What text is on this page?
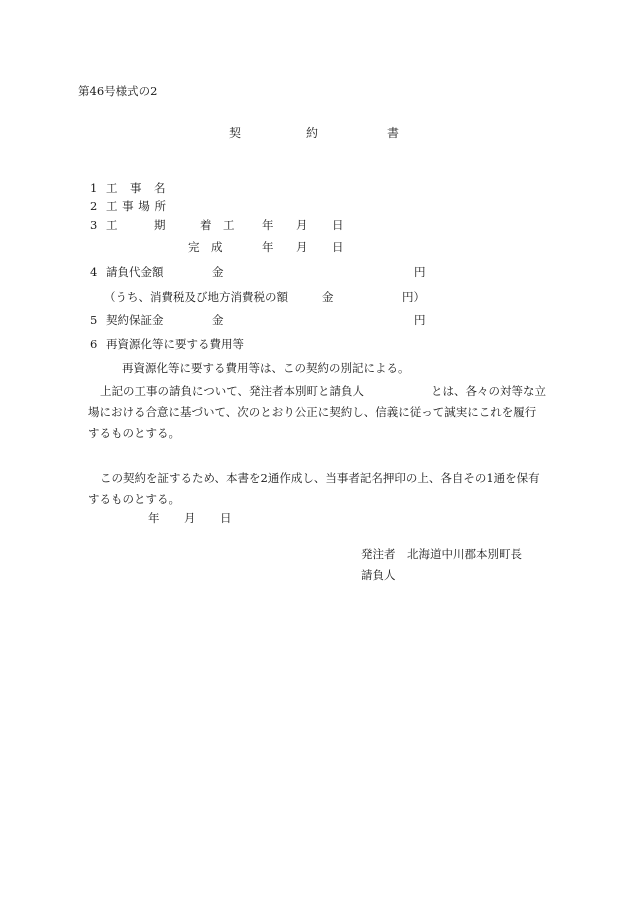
第46号様式の2
契	約	書
1 工 事 名
2 工 事 場 所
3 工	期	着 工 年 月 日
完 成	年 月 日
4 請負代金額	金	円
（うち、消費税及び地方消費税の額	金	円）
5 契約保証金	金	円
6 再資源化等に要する費用等
再資源化等に要する費用等は、この契約の別記による。
上記の工事の請負について、発注者本別町と請負人	とは、各々の対等な立
場における合意に基づいて、次のとおり公正に契約し、信義に従って誠実にこれを履行
するものとする。
この契約を証するため、本書を2通作成し、当事者記名押印の上、各自その1通を保有
するものとする。
年 月 日
発注者 北海道中川郡本別町長
請負人
